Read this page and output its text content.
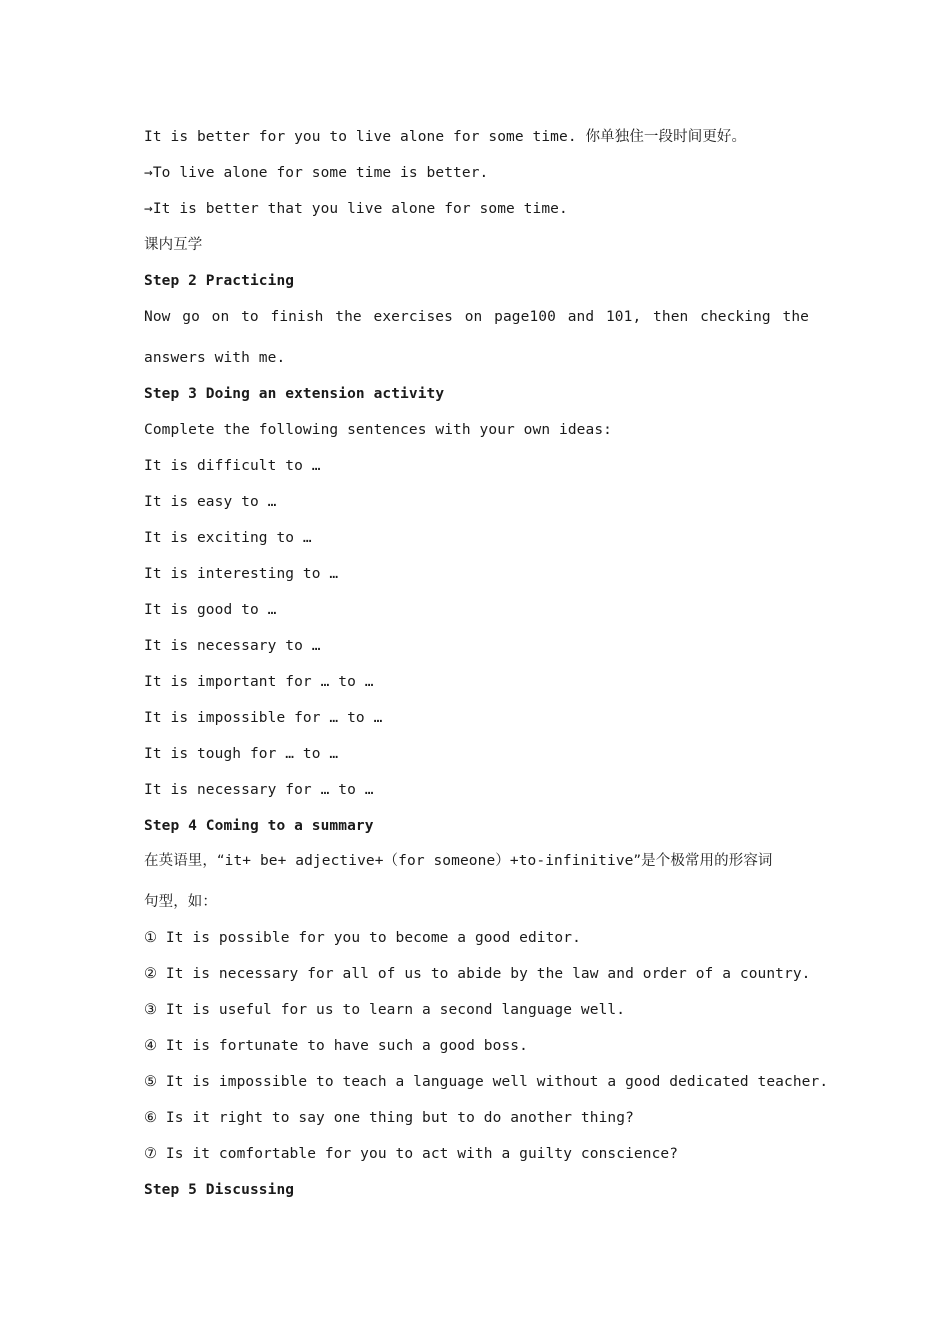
It is better for you to live alone for some time. 你单独住一段时间更好。
→To live alone for some time is better.
→It is better that you live alone for some time.
课内互学
Step 2 Practicing
Now go on to finish the exercises on page100 and 101, then checking the
answers with me.
Step 3 Doing an extension activity
Complete the following sentences with your own ideas:
It is difficult to …
It is easy to …
It is exciting to …
It is interesting to …
It is good to …
It is necessary to …
It is important for … to …
It is impossible for … to …
It is tough for … to …
It is necessary for … to …
Step 4 Coming to a summary
在英语里，“it+ be+ adjective+（for someone）+to-infinitive”是个极常用的形容词
句型，如：
① It is possible for you to become a good editor.
② It is necessary for all of us to abide by the law and order of a country.
③ It is useful for us to learn a second language well.
④ It is fortunate to have such a good boss.
⑤ It is impossible to teach a language well without a good dedicated teacher.
⑥ Is it right to say one thing but to do another thing?
⑦ Is it comfortable for you to act with a guilty conscience?
Step 5 Discussing
